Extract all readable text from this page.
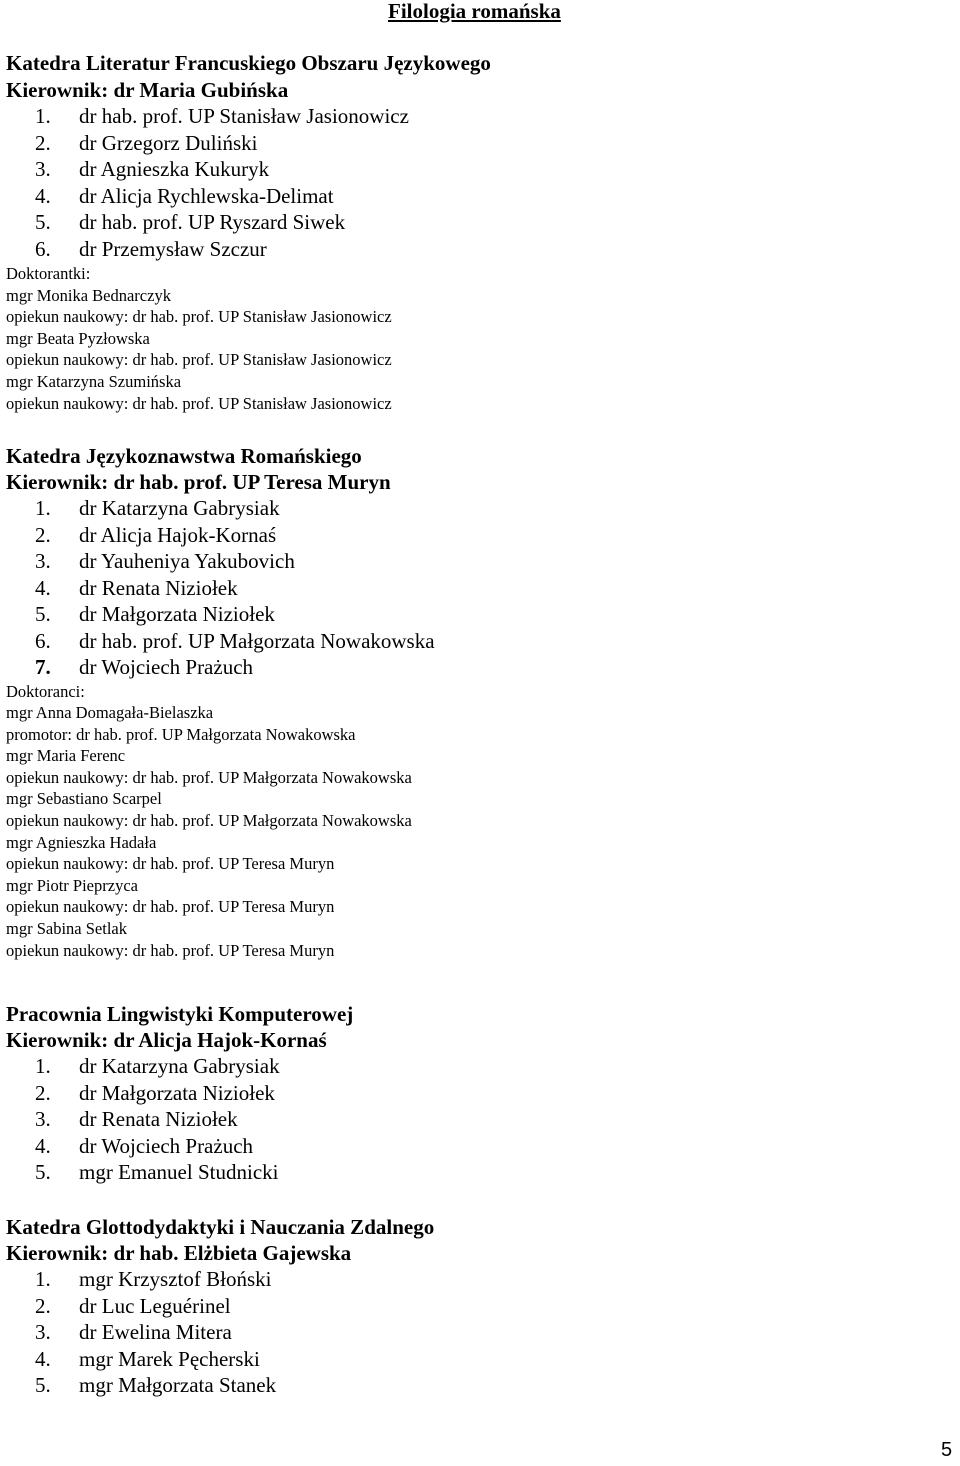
Filologia romańska
Katedra Literatur Francuskiego Obszaru Językowego
Kierownik: dr Maria Gubińska
1.	dr hab. prof. UP Stanisław Jasionowicz
2.	dr Grzegorz Duliński
3.	dr Agnieszka Kukuryk
4.	dr Alicja Rychlewska-Delimat
5.	dr hab. prof. UP Ryszard Siwek
6.	dr Przemysław Szczur
Doktorantki:
mgr Monika Bednarczyk
opiekun naukowy: dr hab. prof. UP Stanisław Jasionowicz
mgr Beata Pyzłowska
opiekun naukowy: dr hab. prof. UP Stanisław Jasionowicz
mgr Katarzyna Szumińska
opiekun naukowy: dr hab. prof. UP Stanisław Jasionowicz
Katedra Językoznawstwa Romańskiego
Kierownik: dr hab. prof. UP Teresa Muryn
1.	dr Katarzyna Gabrysiak
2.	dr Alicja Hajok-Kornaś
3.	dr Yauheniya Yakubovich
4.	dr Renata Niziołek
5.	dr Małgorzata Niziołek
6.	dr hab. prof. UP Małgorzata Nowakowska
7.	dr Wojciech Prażuch
Doktoranci:
mgr Anna Domagała-Bielaszka
promotor: dr hab. prof. UP Małgorzata Nowakowska
mgr Maria Ferenc
opiekun naukowy: dr hab. prof. UP Małgorzata Nowakowska
mgr Sebastiano Scarpel
opiekun naukowy: dr hab. prof. UP Małgorzata Nowakowska
mgr Agnieszka Hadała
opiekun naukowy: dr hab. prof. UP Teresa Muryn
mgr Piotr Pieprzyca
opiekun naukowy: dr hab. prof. UP Teresa Muryn
mgr Sabina Setlak
opiekun naukowy: dr hab. prof. UP Teresa Muryn
Pracownia Lingwistyki Komputerowej
Kierownik: dr Alicja Hajok-Kornaś
1.	dr Katarzyna Gabrysiak
2.	dr Małgorzata Niziołek
3.	dr Renata Niziołek
4.	dr Wojciech Prażuch
5.	mgr Emanuel Studnicki
Katedra Glottodydaktyki i Nauczania Zdalnego
Kierownik: dr hab. Elżbieta Gajewska
1.	mgr Krzysztof Błoński
2.	dr Luc Leguérinel
3.	dr Ewelina Mitera
4.	mgr Marek Pęcherski
5.	mgr Małgorzata Stanek
5
